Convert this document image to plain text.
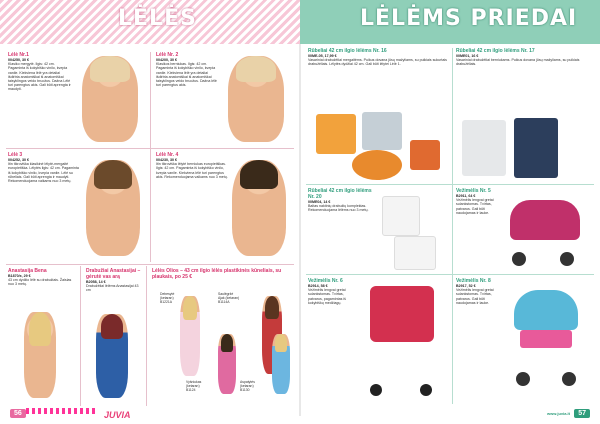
LĖLĖS	LĖLĖMS PRIEDAI
Lėlė Nr.1
004250, 30 €
Klasiko mergytė. Ilgis: 42 cm. Pagaminta iš kokybiško vinilo, kvepia vanile. Kiekviena lėlė yra detaliai išdirbta anatomiškai iš anatomiškai taisyklingos veido bruožus. Dažna Lėlė turi parengtus akis. Gali būti aprengta ir maudyti.
Lėlė Nr. 2
004200, 30 €
Klasikos berniukas. Ilgis: 42 cm. Pagaminta iš kokybiško vinilo, kvepia vanile. Kiekviena lėlė yra detaliai išdirbta anatomiškai iš anatomiškai taisyklingos veido bruožus. Dažna lėlė turi parengtus akis.
Lėlė 3
004252, 30 €
Itin tikroviška klasikinė lėlytė-mergaitė europietiška. Lėlytės ilgis: 42 cm. Pagaminta iš kokybiško vinilo, kvepia vanile. Lėlė su rūbeliais. Gali būti aprengta ir maudyti. Rekomenduojama vaikams nuo 3 metų.
Lėlė Nr. 4
004230, 30 €
Itin tikroviška lėlytė berniukas europietiškas. Ilgis: 42 cm. Pagaminta iš kokybiško vinilo, kvepia vanile. Kiekviena lėlė turi parengtus akis. Rekomenduojama vaikams nuo 3 metų.
Anastasija Bena
B1870/x, 29 €
43 cm dydžio lėlė su drabužiais. Žaislas nuo 3 metų.
Drabužiai Anastasijai – gėrutė vas arą
B2058, 14 €
Drabužėliai lėlėms Anastasijai 43 cm
Lėlės Olios – 43 cm ilgio lėlės plastikinės kūneliais, su plaukais, po 25 €
Debesytė
(ketaran)
B1221A
Saulėgržė
Ajak (ketaran)
B1114A
Vyšniukas
(ketaran)
B1124
Aspatytės
(ketaran)
B1130
56	JUVIA
Rūbeliai 42 cm ilgio lėlėms Nr. 16
00ME-05, 17,99 €
Vasariniai drabužėliai mergaitėms. Puikus dovana jūsų mažyliams, su puikiais sukurtais drabužėliais. Lėlytės dydžiai 42 cm. Gali būti lėlytei Lėlė 1.
Rūbeliai 42 cm ilgio lėlėms Nr. 17
00ME01, 16 €
Vasariniai drabužėliai berniukams. Puikus dovana jūsų mažyliams, su puikiais drabužėliais.
Rūbeliai 42 cm ilgio lėlėms Nr. 20
00ME04, 14 €
Baltas naktinių drabužių komplektas. Rekomenduojama lėlėms nuo 3 metų.
Vežimėlis Nr. 5
B2911, 64 €
Vežimėlis lengvai gretai sulankstomas. Tvirtas, patvarus. Gali būti naudojamas ir lauke.
Vežimėlis Nr. 6
B2914, 58 €
Vežimėlis lengvai gretai sulankstomas. Tvirtas, patvarus, pagamintas iš kokybiškų medžiagų.
Vežimėlis Nr. 8
B2917, 52 €
Vežimėlis lengvai gretai sulankstomas. Tvirtas, patvarus. Gali būti naudojamas ir lauke.
www.juvia.lt	57
